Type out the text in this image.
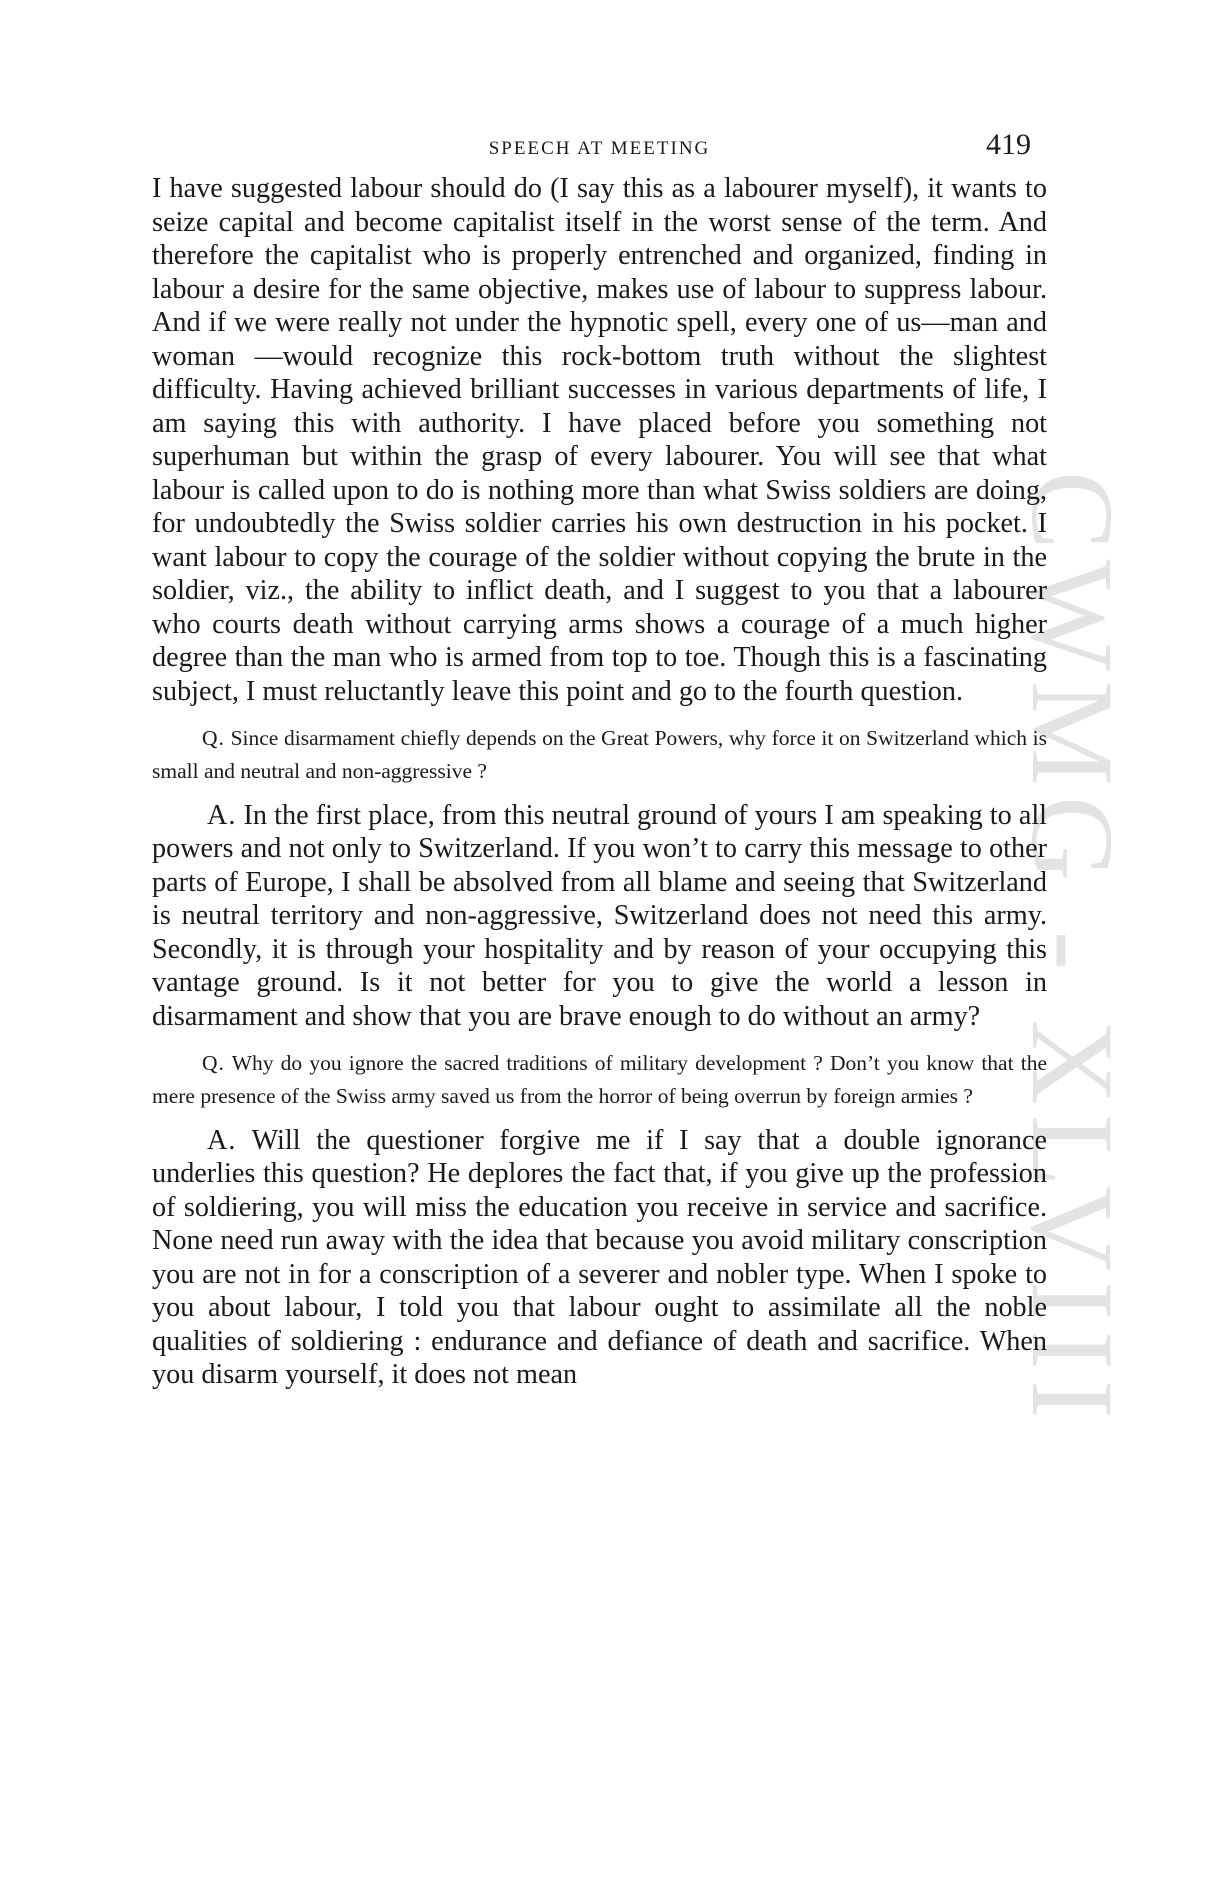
CWMG - XLVIII
SPEECH AT MEETING	419

I have suggested labour should do (I say this as a labourer myself), it wants to seize capital and become capitalist itself in the worst sense of the term. And therefore the capitalist who is properly entrenched and organized, finding in labour a desire for the same objective, makes use of labour to suppress labour. And if we were really not under the hypnotic spell, every one of us—man and woman —would recognize this rock-bottom truth without the slightest difficulty. Having achieved brilliant successes in various departments of life, I am saying this with authority. I have placed before you something not superhuman but within the grasp of every labourer. You will see that what labour is called upon to do is nothing more than what Swiss soldiers are doing, for undoubtedly the Swiss soldier carries his own destruction in his pocket. I want labour to copy the courage of the soldier without copying the brute in the soldier, viz., the ability to inflict death, and I suggest to you that a labourer who courts death without carrying arms shows a courage of a much higher degree than the man who is armed from top to toe. Though this is a fascinating subject, I must reluctantly leave this point and go to the fourth question.

Q. Since disarmament chiefly depends on the Great Powers, why force it on Switzerland which is small and neutral and non-aggressive ?

A. In the first place, from this neutral ground of yours I am speaking to all powers and not only to Switzerland. If you won’t to carry this message to other parts of Europe, I shall be absolved from all blame and seeing that Switzerland is neutral territory and non-aggressive, Switzerland does not need this army. Secondly, it is through your hospitality and by reason of your occupying this vantage ground. Is it not better for you to give the world a lesson in disarmament and show that you are brave enough to do without an army?

Q. Why do you ignore the sacred traditions of military development ? Don’t you know that the mere presence of the Swiss army saved us from the horror of being overrun by foreign armies ?

A. Will the questioner forgive me if I say that a double ignorance underlies this question? He deplores the fact that, if you give up the profession of soldiering, you will miss the education you receive in service and sacrifice. None need run away with the idea that because you avoid military conscription you are not in for a conscription of a severer and nobler type. When I spoke to you about labour, I told you that labour ought to assimilate all the noble qualities of soldiering : endurance and defiance of death and sacrifice. When you disarm yourself, it does not mean
